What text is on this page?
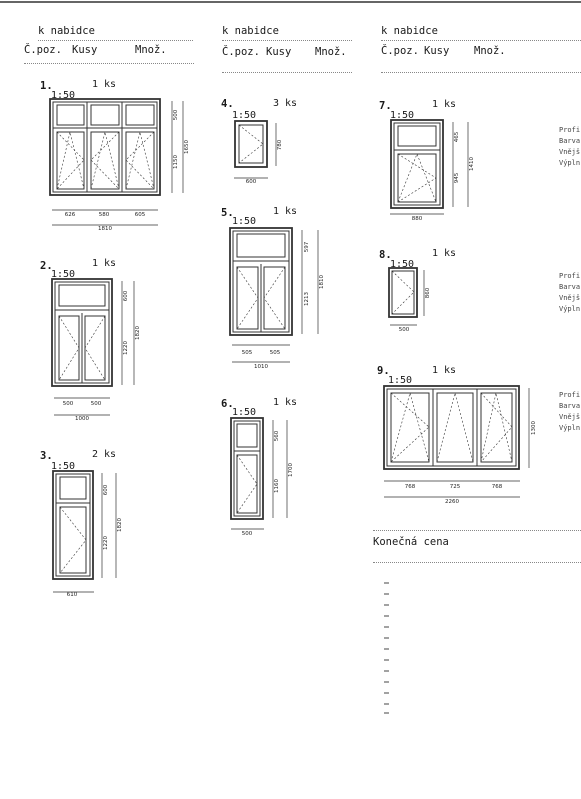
k nabidce
Č.poz. Kusy	Množ.
k nabidce
Č.poz. Kusy Množ.
k nabidce
Č.poz. Kusy Množ.
1.	1 ks
1:50
2.	1 ks
1:50
3.	2 ks
1:50
4.	3 ks
1:50
5.	1 ks
1:50
6.	1 ks
1:50
7.	1 ks
1:50
8.	1 ks
1:50
9.	1 ks
1:50
Profi
Barva
Vnějš
Výpln
Profi
Barva
Vnějš
Výpln
Profi
Barva
Vnějš
Výpln
Konečná cena
626	580	605
1810
500
1150
1650
500	500
1000
600
1220
1820
610
600
1220
1820
600
780
505	505
1010
597
1213
1810
500
560
1160
1700
880
465
945
1410
500
860
768	725	768
2260
1300
